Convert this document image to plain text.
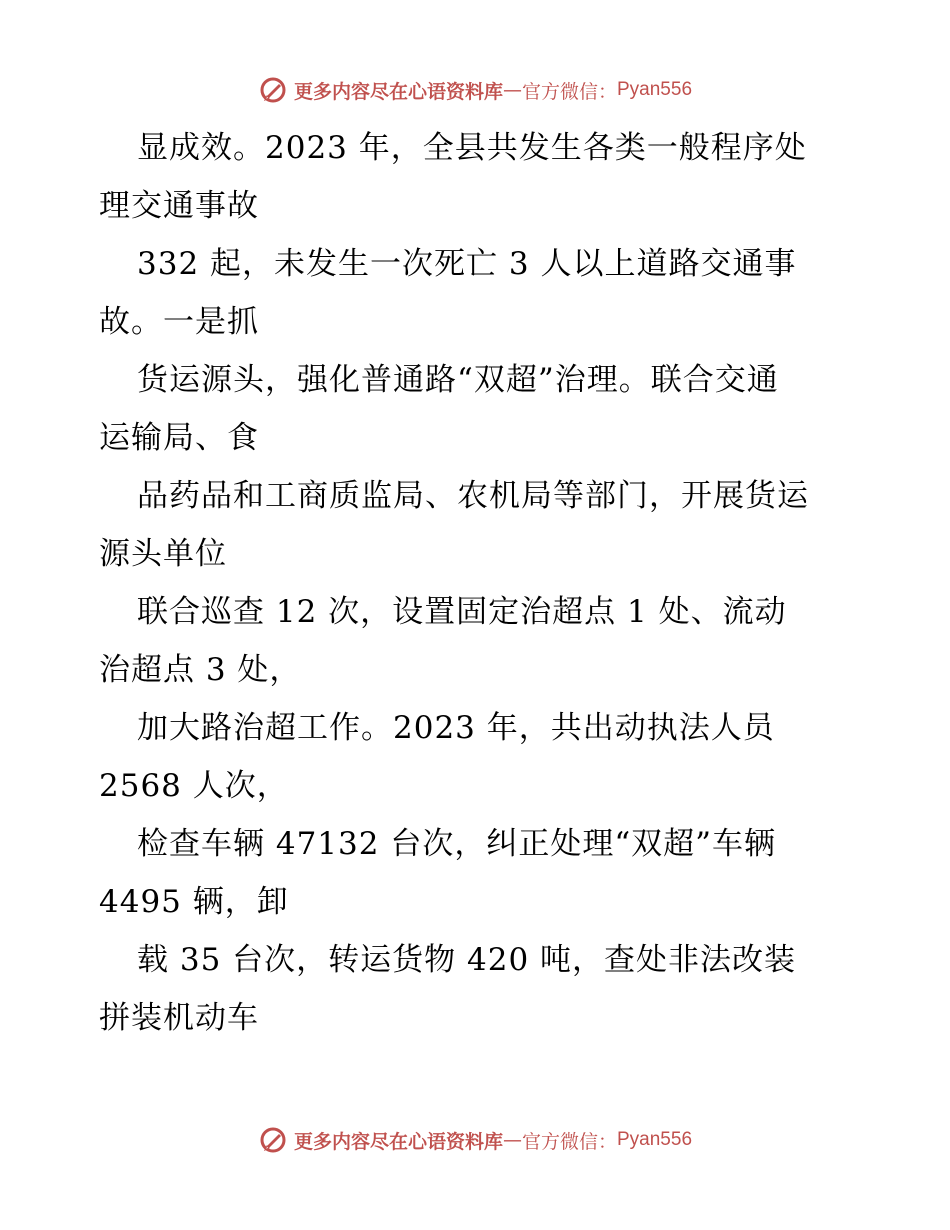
更多内容尽在心语资料库 — 官方微信： Pyan556
显成效。2023 年，全县共发生各类一般程序处
理交通事故
332 起，未发生一次死亡 3 人以上道路交通事
故。一是抓
货运源头，强化普通路“双超”治理。联合交通
运输局、食
品药品和工商质监局、农机局等部门，开展货运
源头单位
联合巡查 12 次，设置固定治超点 1 处、流动
治超点 3 处，
加大路治超工作。2023 年，共出动执法人员
2568 人次，
检查车辆 47132 台次，纠正处理“双超”车辆
4495 辆，卸
载 35 台次，转运货物 420 吨，查处非法改装
拼装机动车
更多内容尽在心语资料库 — 官方微信： Pyan556
